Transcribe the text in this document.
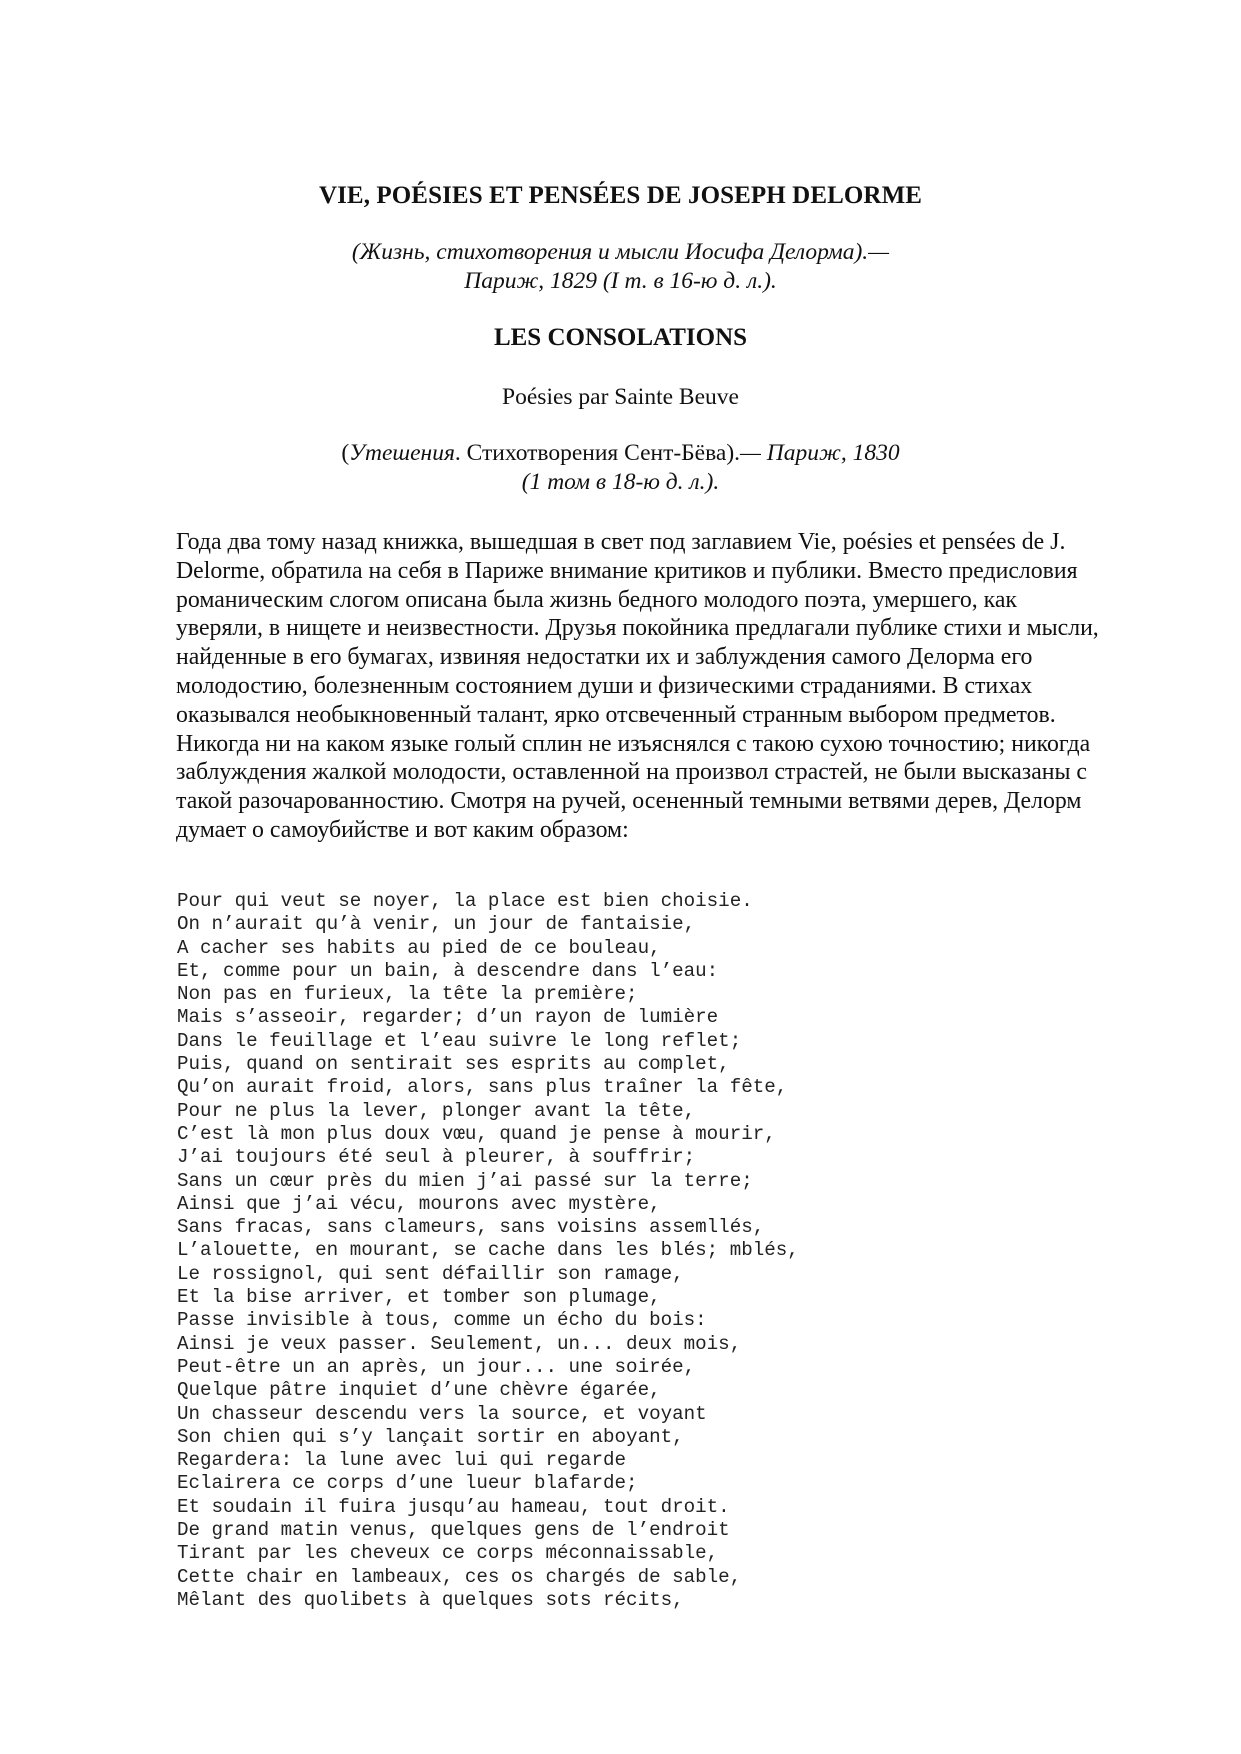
VIE, POÉSIES ET PENSÉES DE JOSEPH DELORME
(Жизнь, стихотворения и мысли Иосифа Делорма).—
Париж, 1829 (I т. в 16-ю д. л.).
LES CONSOLATIONS
Poésies par Sainte Beuve
(Утешения. Стихотворения Сент-Бёва).— Париж, 1830
(1 том в 18-ю д. л.).
Года два тому назад книжка, вышедшая в свет под заглавием Vie, poésies et pensées de J.
Delorme, обратила на себя в Париже внимание критиков и публики. Вместо предисловия
романическим слогом описана была жизнь бедного молодого поэта, умершего, как
уверяли, в нищете и неизвестности. Друзья покойника предлагали публике стихи и мысли,
найденные в его бумагах, извиняя недостатки их и заблуждения самого Делорма его
молодостию, болезненным состоянием души и физическими страданиями. В стихах
оказывался необыкновенный талант, ярко отсвеченный странным выбором предметов.
Никогда ни на каком языке голый сплин не изъяснялся с такою сухою точностию; никогда
заблуждения жалкой молодости, оставленной на произвол страстей, не были высказаны с
такой разочарованностию. Смотря на ручей, осененный темными ветвями дерев, Делорм
думает о самоубийстве и вот каким образом:
Pour qui veut se noyer, la place est bien choisie.
On n’aurait qu’à venir, un jour de fantaisie,
A cacher ses habits au pied de ce bouleau,
Et, comme pour un bain, à descendre dans l’eau:
Non pas en furieux, la tête la première;
Mais s’asseoir, regarder; d’un rayon de lumière
Dans le feuillage et l’eau suivre le long reflet;
Puis, quand on sentirait ses esprits au complet,
Qu’on aurait froid, alors, sans plus traîner la fête,
Pour ne plus la lever, plonger avant la tête,
C’est là mon plus doux vœu, quand je pense à mourir,
J’ai toujours été seul à pleurer, à souffrir;
Sans un cœur près du mien j’ai passé sur la terre;
Ainsi que j’ai vécu, mourons avec mystère,
Sans fracas, sans clameurs, sans voisins assemllés,
L’alouette, en mourant, se cache dans les blés; mblés,
Le rossignol, qui sent défaillir son ramage,
Et la bise arriver, et tomber son plumage,
Passe invisible à tous, comme un écho du bois:
Ainsi je veux passer. Seulement, un... deux mois,
Peut-être un an après, un jour... une soirée,
Quelque pâtre inquiet d’une chèvre égarée,
Un chasseur descendu vers la source, et voyant
Son chien qui s’y lançait sortir en aboyant,
Regardera: la lune avec lui qui regarde
Eclairera ce corps d’une lueur blafarde;
Et soudain il fuira jusqu’au hameau, tout droit.
De grand matin venus, quelques gens de l’endroit
Tirant par les cheveux ce corps méconnaissable,
Cette chair en lambeaux, ces os chargés de sable,
Mêlant des quolibets à quelques sots récits,
